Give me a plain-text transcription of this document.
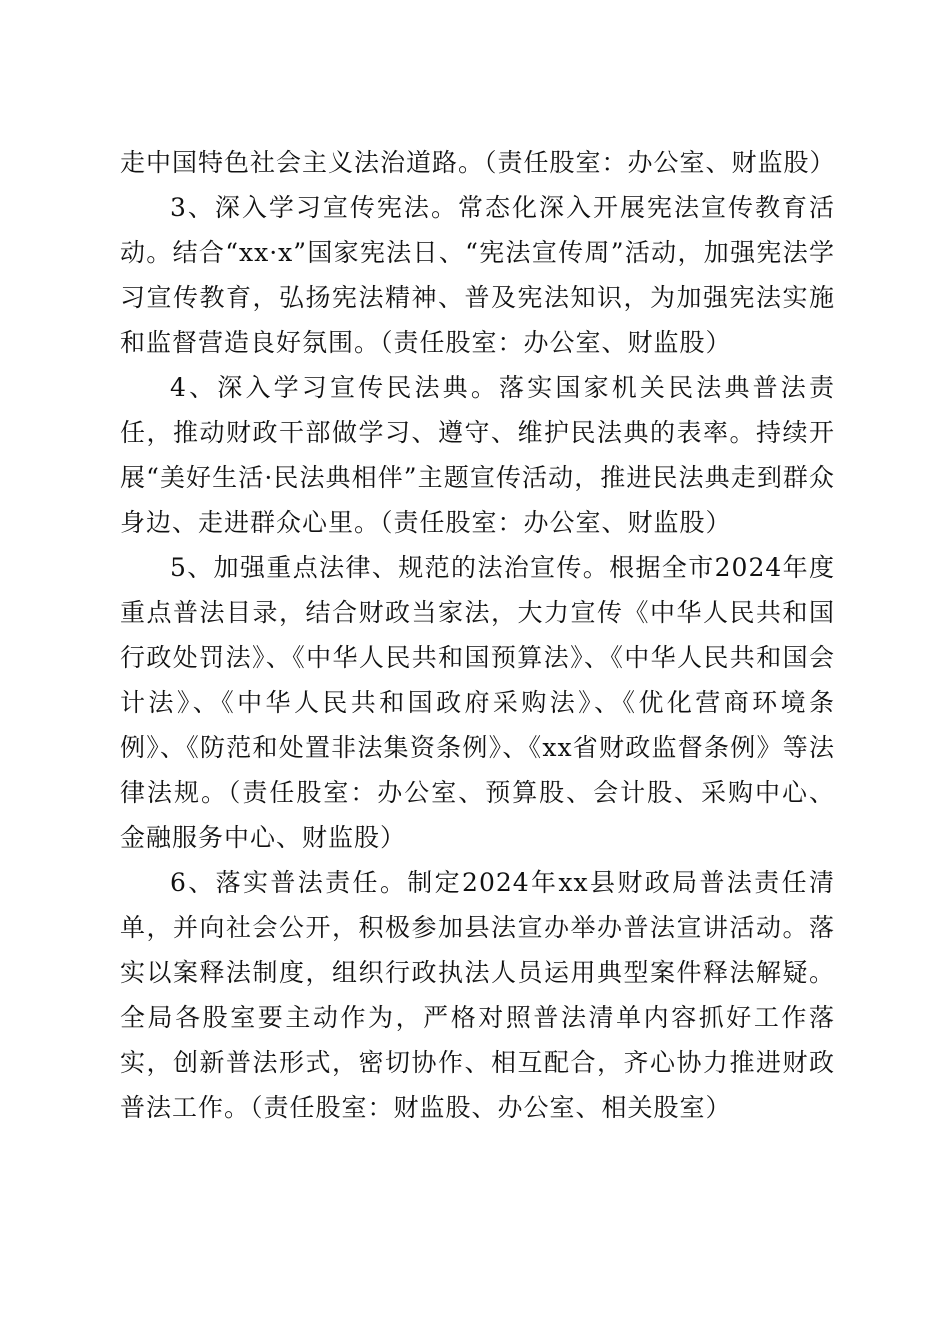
走中国特色社会主义法治道路。（责任股室：办公室、财监股）

3、深入学习宣传宪法。常态化深入开展宪法宣传教育活动。结合“xx·x”国家宪法日、“宪法宣传周”活动，加强宪法学习宣传教育，弘扬宪法精神、普及宪法知识，为加强宪法实施和监督营造良好氛围。（责任股室：办公室、财监股）

4、深入学习宣传民法典。落实国家机关民法典普法责任，推动财政干部做学习、遵守、维护民法典的表率。持续开展“美好生活·民法典相伴”主题宣传活动，推进民法典走到群众身边、走进群众心里。（责任股室：办公室、财监股）

5、加强重点法律、规范的法治宣传。根据全市2024年度重点普法目录，结合财政当家法，大力宣传《中华人民共和国行政处罚法》、《中华人民共和国预算法》、《中华人民共和国会计法》、《中华人民共和国政府采购法》、《优化营商环境条例》、《防范和处置非法集资条例》、《xx省财政监督条例》等法律法规。（责任股室：办公室、预算股、会计股、采购中心、金融服务中心、财监股）

6、落实普法责任。制定2024年xx县财政局普法责任清单，并向社会公开，积极参加县法宣办举办普法宣讲活动。落实以案释法制度，组织行政执法人员运用典型案件释法解疑。全局各股室要主动作为，严格对照普法清单内容抓好工作落实，创新普法形式，密切协作、相互配合，齐心协力推进财政普法工作。（责任股室：财监股、办公室、相关股室）
